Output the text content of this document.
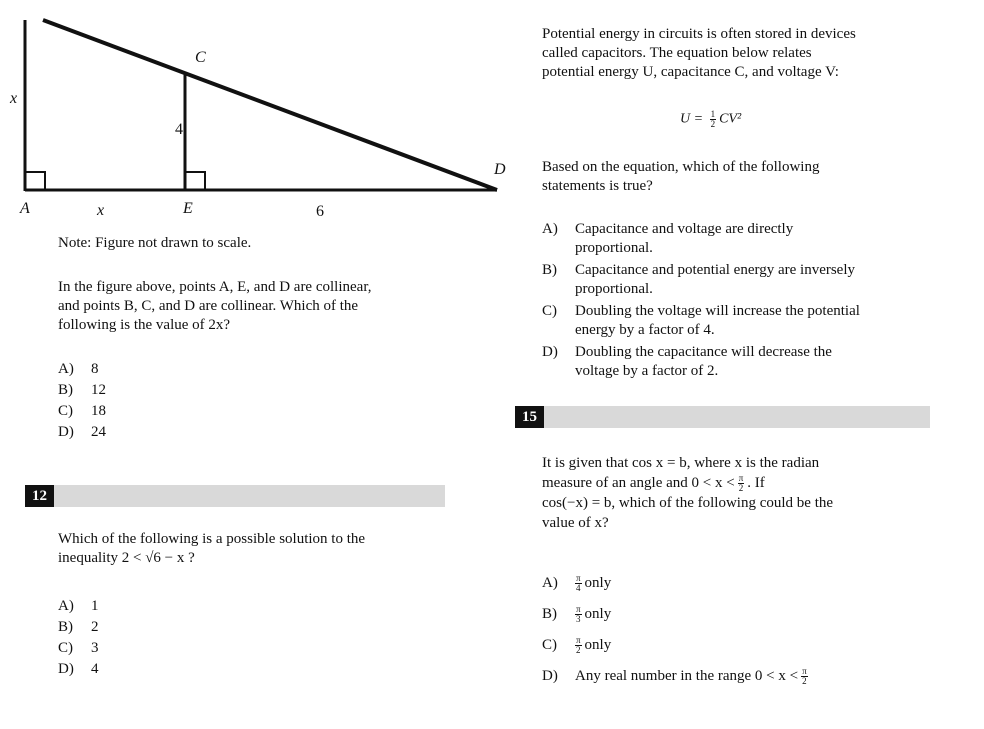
x
4
C
D
A	x	E	6
Note: Figure not drawn to scale.
In the figure above, points A, E, and D are collinear,
and points B, C, and D are collinear. Which of the
following is the value of 2x?
A) 8
B) 12
C) 18
D) 24
12
Which of the following is a possible solution to the
inequality 2 < √6 − x ?
A) 1
B) 2
C) 3
D) 4
Potential energy in circuits is often stored in devices
called capacitors. The equation below relates
potential energy U, capacitance C, and voltage V:
$U = \frac{1}{2} CV^2$
Based on the equation, which of the following
statements is true?
A)	Capacitance and voltage are directly
proportional.
B)	Capacitance and potential energy are inversely
proportional.
C)	Doubling the voltage will increase the potential
energy by a factor of 4.
D)	Doubling the capacitance will decrease the
voltage by a factor of 2.
15
It is given that cos x = b, where x is the radian
measure of an angle and $0 < x < \frac{\pi}{2}$ . If
cos(−x) = b, which of the following could be the
value of x?
$A) \frac{\pi}{4}$ only
$B) \frac{\pi}{3}$ only
$C) \frac{\pi}{2}$ only
D) Any real number in the range $0 < x < \frac{\pi}{2}$
